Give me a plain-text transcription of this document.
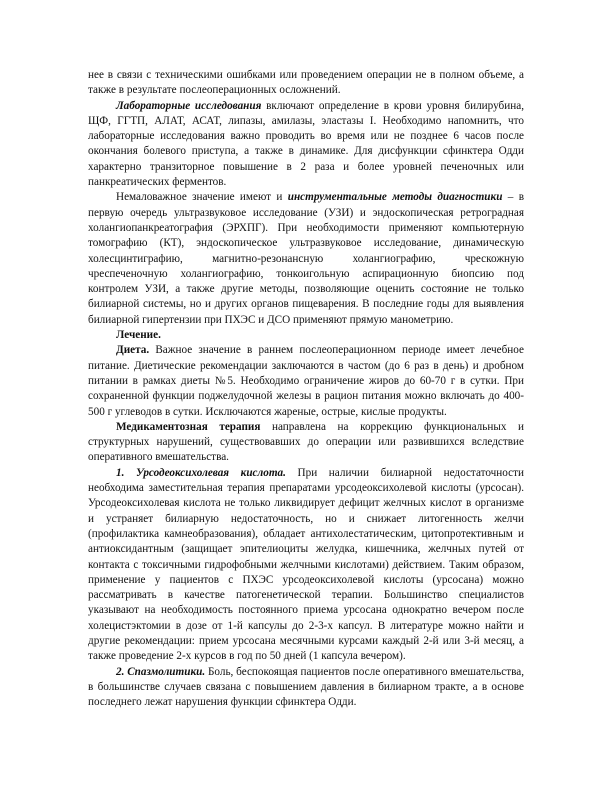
нее в связи с техническими ошибками или проведением операции не в полном объеме, а также в результате послеоперационных осложнений.

Лабораторные исследования включают определение в крови уровня билирубина, ЩФ, ГГТП, АЛАТ, АСАТ, липазы, амилазы, эластазы I. Необходимо напомнить, что лабораторные исследования важно проводить во время или не позднее 6 часов после окончания болевого приступа, а также в динамике. Для дисфункции сфинктера Одди характерно транзиторное повышение в 2 раза и более уровней печеночных или панкреатических ферментов.

Немаловажное значение имеют и инструментальные методы диагностики – в первую очередь ультразвуковое исследование (УЗИ) и эндоскопическая ретроградная холангиопанкреатография (ЭРХПГ). При необходимости применяют компьютерную томографию (КТ), эндоскопическое ультразвуковое исследование, динамическую холесцинтиграфию, магнитно-резонансную холангиографию, чрескожную чреспеченочную холангиографию, тонкоигольную аспирационную биопсию под контролем УЗИ, а также другие методы, позволяющие оценить состояние не только билиарной системы, но и других органов пищеварения. В последние годы для выявления билиарной гипертензии при ПХЭС и ДСО применяют прямую манометрию.

Лечение.

Диета. Важное значение в раннем послеоперационном периоде имеет лечебное питание. Диетические рекомендации заключаются в частом (до 6 раз в день) и дробном питании в рамках диеты №5. Необходимо ограничение жиров до 60-70 г в сутки. При сохраненной функции поджелудочной железы в рацион питания можно включать до 400-500 г углеводов в сутки. Исключаются жареные, острые, кислые продукты.

Медикаментозная терапия направлена на коррекцию функциональных и структурных нарушений, существовавших до операции или развившихся вследствие оперативного вмешательства.

1. Урсодеоксихолевая кислота. При наличии билиарной недостаточности необходима заместительная терапия препаратами урсодеоксихолевой кислоты (урсосан). Урсодеоксихолевая кислота не только ликвидирует дефицит желчных кислот в организме и устраняет билиарную недостаточность, но и снижает литогенность желчи (профилактика камнеобразования), обладает антихолестатическим, цитопротективным и антиоксидантным (защищает эпителиоциты желудка, кишечника, желчных путей от контакта с токсичными гидрофобными желчными кислотами) действием. Таким образом, применение у пациентов с ПХЭС урсодеоксихолевой кислоты (урсосана) можно рассматривать в качестве патогенетической терапии. Большинство специалистов указывают на необходимость постоянного приема урсосана однократно вечером после холецистэктомии в дозе от 1-й капсулы до 2-3-х капсул. В литературе можно найти и другие рекомендации: прием урсосана месячными курсами каждый 2-й или 3-й месяц, а также проведение 2-х курсов в год по 50 дней (1 капсула вечером).

2. Спазмолитики. Боль, беспокоящая пациентов после оперативного вмешательства, в большинстве случаев связана с повышением давления в билиарном тракте, а в основе последнего лежат нарушения функции сфинктера Одди.
